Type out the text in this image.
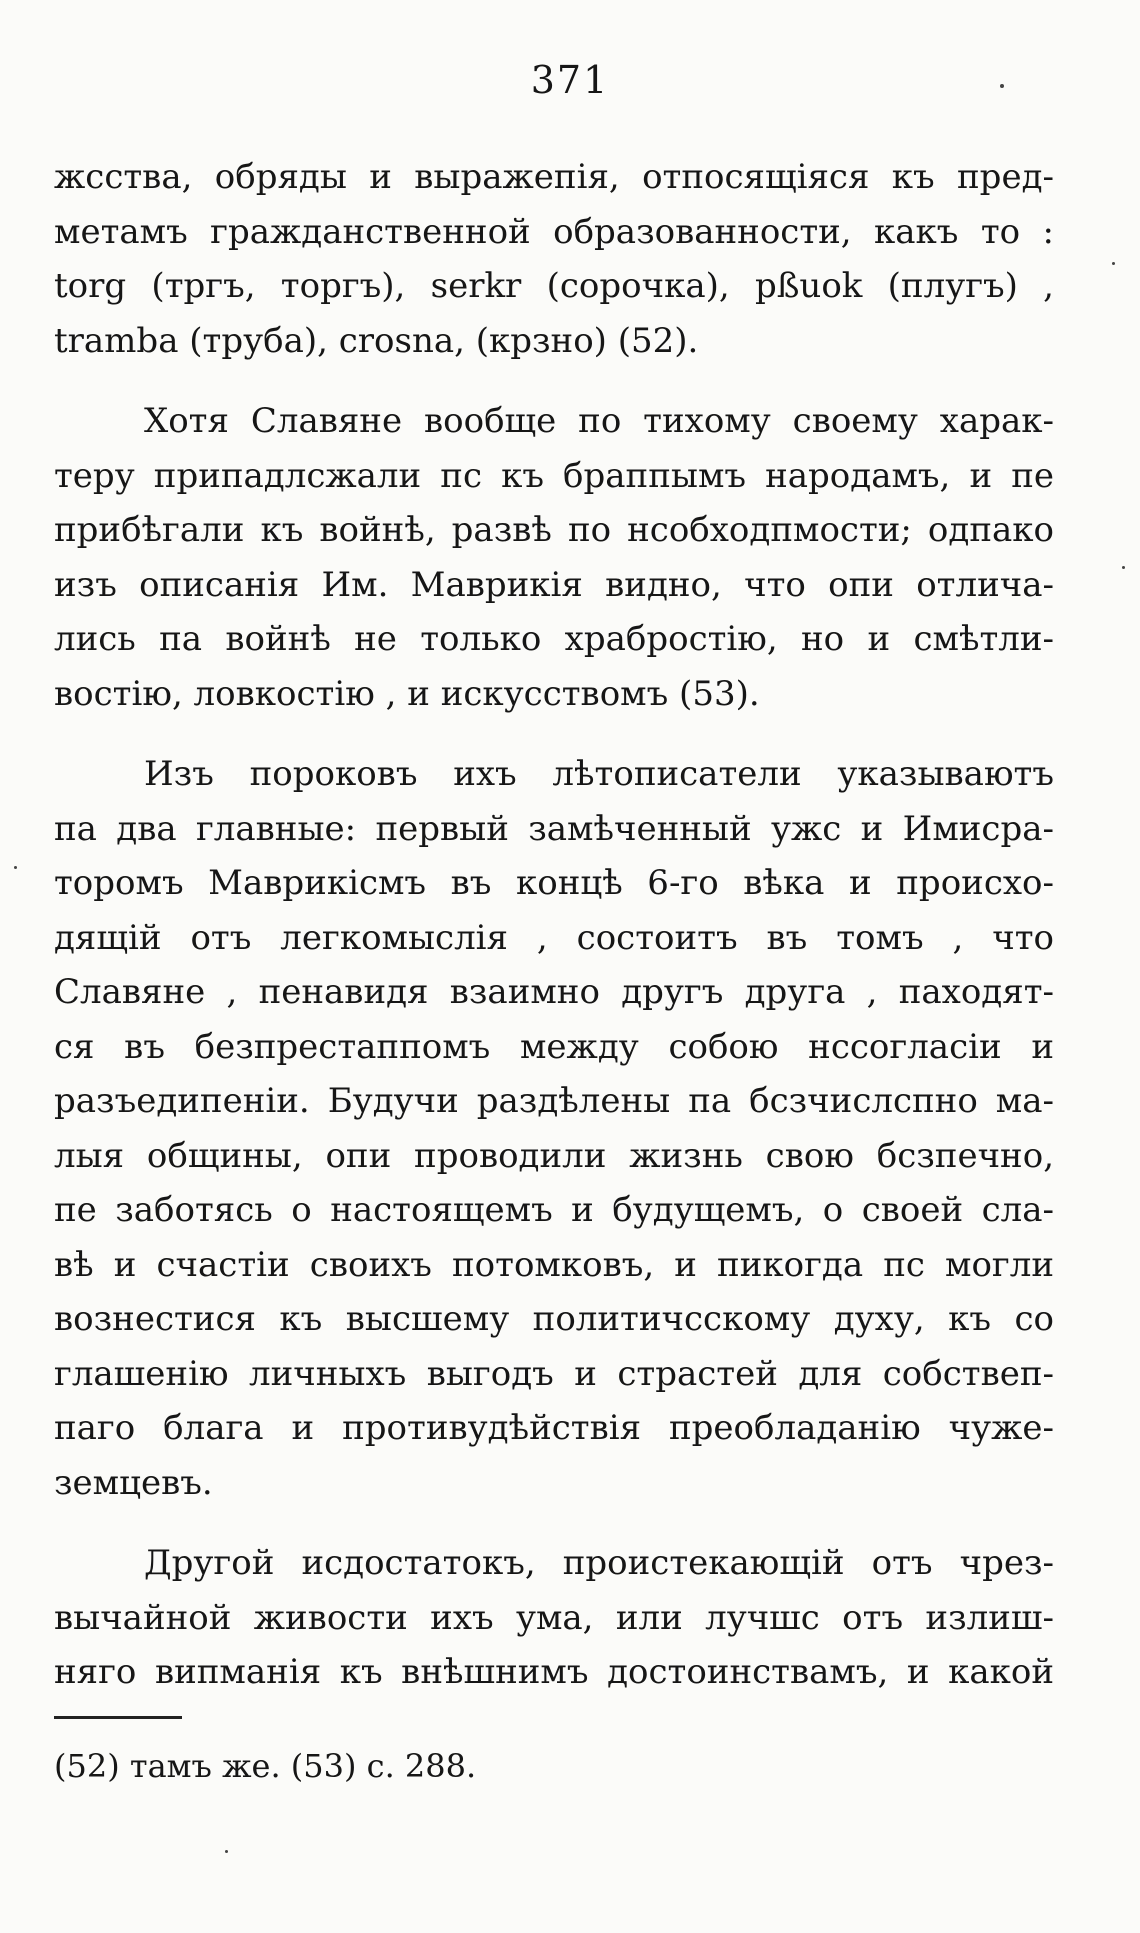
371
жсства, обряды и выражепія, отпосящіяся къ пред-
метамъ гражданственной образованности, какъ то :
torg (тргъ, торгъ), serkr (сорочка), pßuok (плугъ) ,
tramba (труба), crosna, (крзно) (52).
Хотя Славяне вообще по тихому своему харак-
теру припадлсжали пс къ браппымъ народамъ, и пе
прибѣгали къ войнѣ, развѣ по нсобходпмости; одпако
изъ описанія Им. Маврикія видно, что опи отлича-
лись па войнѣ не только храбростію, но и смѣтли-
востію, ловкостію , и искусствомъ (53).
Изъ пороковъ ихъ лѣтописатели указываютъ
па два главные: первый замѣченный ужс и Имисра-
торомъ Маврикісмъ въ концѣ 6-го вѣка и происхо-
дящій отъ легкомыслія , состоитъ въ томъ , что
Славяне , пенавидя взаимно другъ друга , паходят-
ся въ безпрестаппомъ между собою нссогласіи и
разъедипеніи. Будучи раздѣлены па бсзчислспно ма-
лыя общины, опи проводили жизнь свою бсзпечно,
пе заботясь о настоящемъ и будущемъ, о своей сла-
вѣ и счастіи своихъ потомковъ, и пикогда пс могли
вознестися къ высшему политичсскому духу, къ со
глашенію личныхъ выгодъ и страстей для собствеп-
паго блага и противудѣйствія преобладанію чуже-
земцевъ.
Другой исдостатокъ, проистекающій отъ чрез-
вычайной живости ихъ ума, или лучшс отъ излиш-
няго випманія къ внѣшнимъ достоинствамъ, и какой
(52) тамъ же. (53) с. 288.
